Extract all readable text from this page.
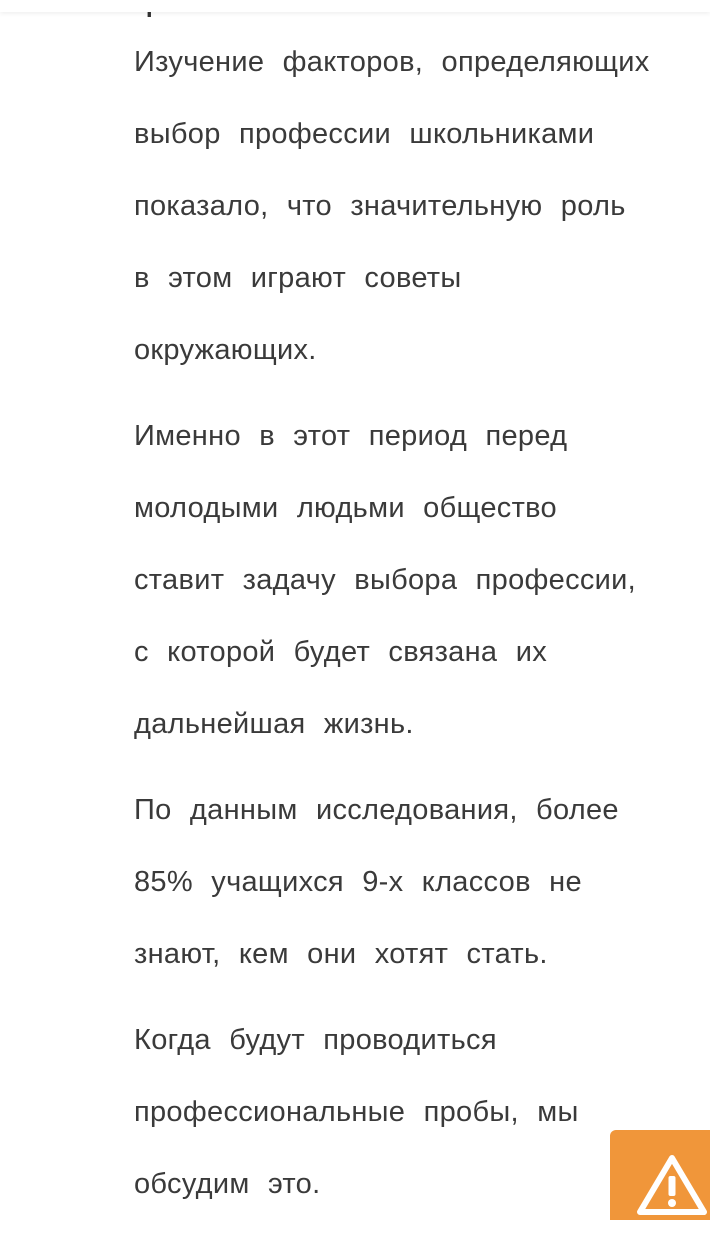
Изучение факторов, определяющих
выбор профессии школьниками
показало, что значительную роль
в этом играют советы
окружающих.

Именно в этот период перед
молодыми людьми общество
ставит задачу выбора профессии,
с которой будет связана их
дальнейшая жизнь.

По данным исследования, более
85% учащихся 9-х классов не
знают, кем они хотят стать.

Когда будут проводиться
профессиональные пробы, мы
обсудим это.
